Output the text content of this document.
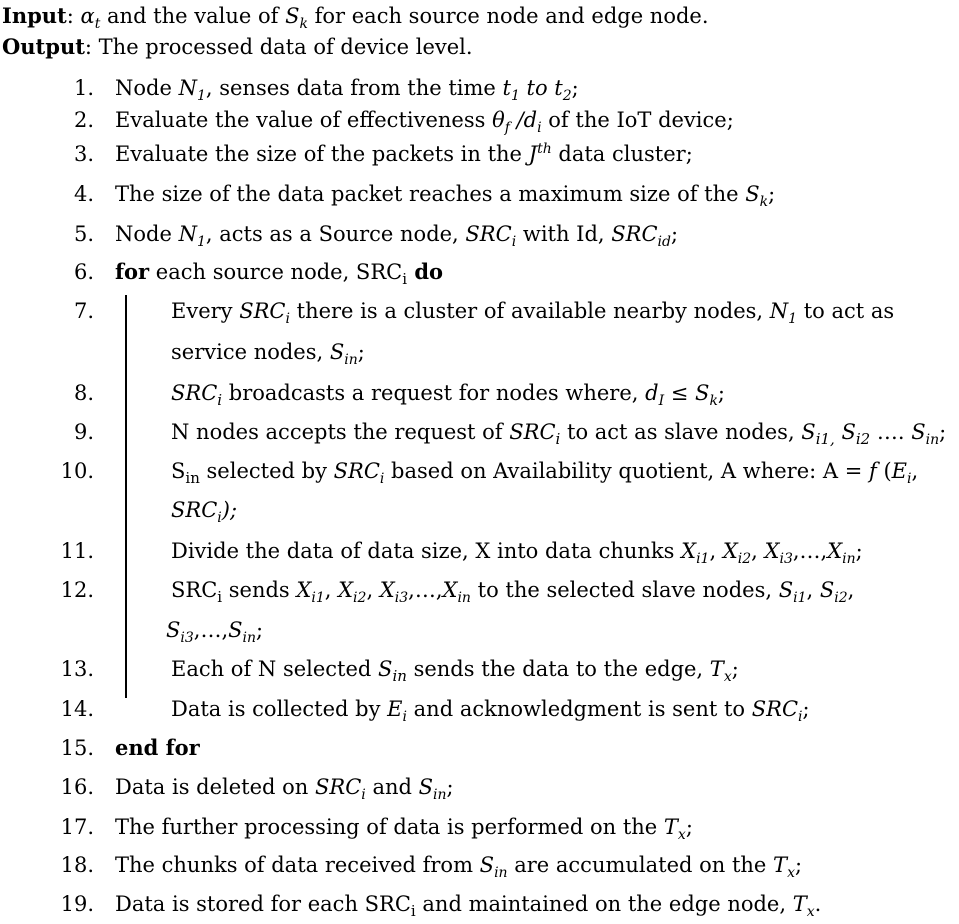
Input: $\alpha_t$ and the value of $S_k$ for each source node and edge node.
Output: The processed data of device level.
1. Node $N_1$, senses data from the time $t_1$ to $t_2$;
2. Evaluate the value of effectiveness $\theta_f$ $/d_i$ of the IoT device;
3. Evaluate the size of the packets in the $J^{th}$ data cluster;
4. The size of the data packet reaches a maximum size of the $S_k$;
5. Node $N_1$, acts as a Source node, $SRC_i$ with Id, $SRC_{id}$;
6. for each source node, $SRC_i$ do
7.	Every $SRC_i$ there is a cluster of available nearby nodes, $N_1$ to act as
service nodes, $S_{in}$;
8.	$SRC_i$ broadcasts a request for nodes where, $d_I \le S_k$;
9.	N nodes accepts the request of $SRC_i$ to act as slave nodes, $S_{i1,}$ $S_{i2}$ …. $S_{in}$;
10.	$S_{in}$ selected by $SRC_i$ based on Availability quotient, A where: A = f ($E_i$,
$SRC_i$);
11.	Divide the data of data size, X into data chunks $X_{i1}$, $X_{i2}$, $X_{i3},\dots,X_{in}$;
12.	$SRC_i$ sends $X_{i1}$, $X_{i2}$, $X_{i3},\dots,X_{in}$ to the selected slave nodes, $S_{i1}$, $S_{i2}$,
$S_{i3},\dots,S_{in}$;
13.	Each of N selected $S_{in}$ sends the data to the edge, $T_x$;
14.	Data is collected by $E_i$ and acknowledgment is sent to $SRC_i$;
15. end for
16. Data is deleted on $SRC_i$ and $S_{in}$;
17. The further processing of data is performed on the $T_x$;
18. The chunks of data received from $S_{in}$ are accumulated on the $T_x$;
19. Data is stored for each $SRC_i$ and maintained on the edge node, $T_x$.
